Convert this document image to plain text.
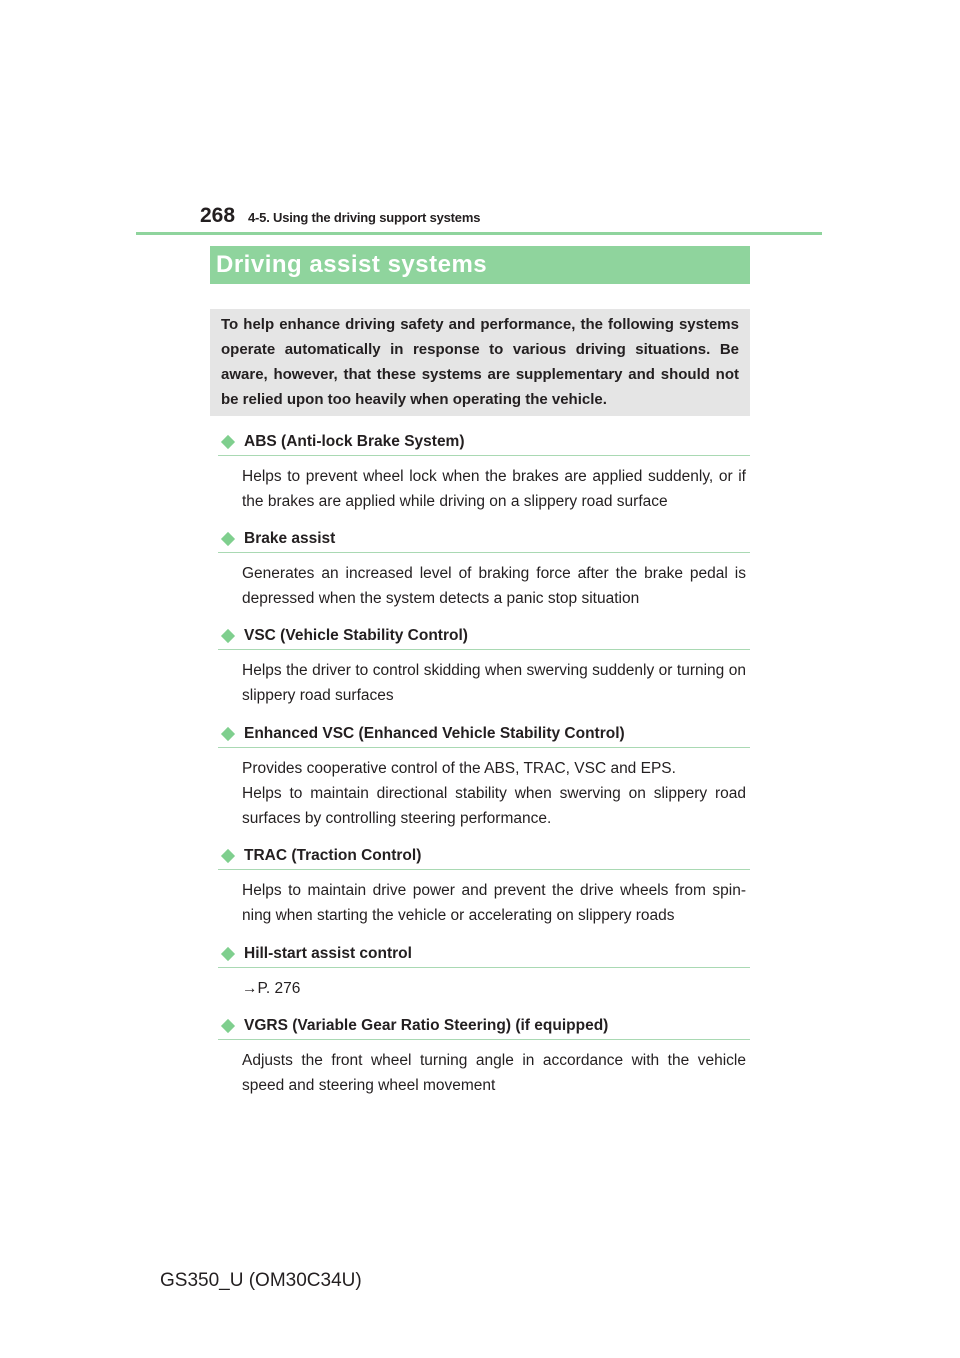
268 4-5. Using the driving support systems
Driving assist systems

To help enhance driving safety and performance, the following systems operate automatically in response to various driving situations. Be aware, however, that these systems are supplementary and should not be relied upon too heavily when operating the vehicle.

ABS (Anti-lock Brake System)

Helps to prevent wheel lock when the brakes are applied suddenly, or if the brakes are applied while driving on a slippery road surface

Brake assist

Generates an increased level of braking force after the brake pedal is depressed when the system detects a panic stop situation

VSC (Vehicle Stability Control)

Helps the driver to control skidding when swerving suddenly or turning on slippery road surfaces

Enhanced VSC (Enhanced Vehicle Stability Control)

Provides cooperative control of the ABS, TRAC, VSC and EPS.

Helps to maintain directional stability when swerving on slippery road surfaces by controlling steering performance.

TRAC (Traction Control)

Helps to maintain drive power and prevent the drive wheels from spin-ning when starting the vehicle or accelerating on slippery roads

Hill-start assist control

→P. 276

VGRS (Variable Gear Ratio Steering) (if equipped)

Adjusts the front wheel turning angle in accordance with the vehicle speed and steering wheel movement

GS350_U (OM30C34U)
